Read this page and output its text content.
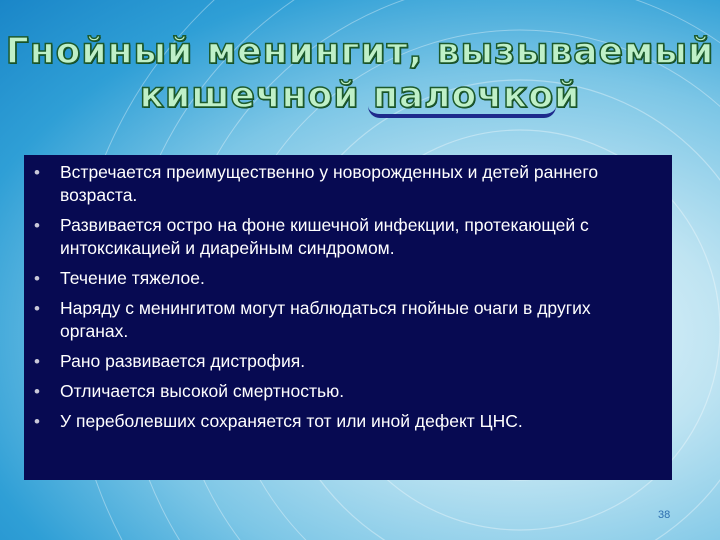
Гнойный менингит, вызываемый
кишечной палочкой
• Встречается преимущественно у новорожденных и детей раннего возраста.
• Развивается остро на фоне кишечной инфекции, протекающей с интоксикацией и диарейным синдромом.
• Течение тяжелое.
• Наряду с менингитом могут наблюдаться гнойные очаги в других органах.
• Рано развивается дистрофия.
• Отличается высокой смертностью.
• У переболевших сохраняется тот или иной дефект ЦНС.
38
